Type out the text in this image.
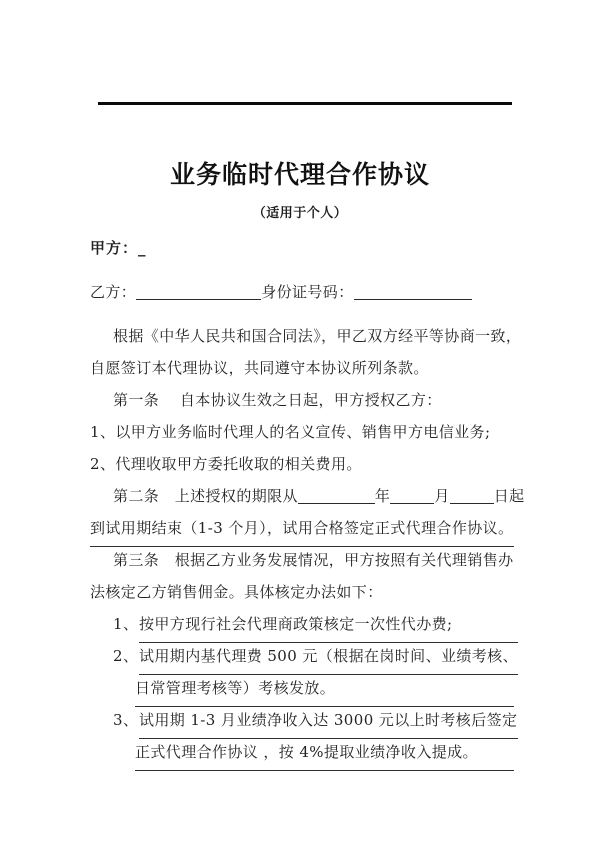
业务临时代理合作协议
（适用于个人）
甲方：_
乙方：	身份证号码：
根据《中华人民共和国合同法》，甲乙双方经平等协商一致，
自愿签订本代理协议，共同遵守本协议所列条款。
第一条 自本协议生效之日起，甲方授权乙方：
1、以甲方业务临时代理人的名义宣传、销售甲方电信业务;
2、代理收取甲方委托收取的相关费用。
第二条 上述授权的期限从	年	月	日起
到试用期结束（1-3 个月），试用合格签定正式代理合作协议。
第三条 根据乙方业务发展情况，甲方按照有关代理销售办
法核定乙方销售佣金。具体核定办法如下：
1、按甲方现行社会代理商政策核定一次性代办费;
2、试用期内基代理费 500 元（根据在岗时间、业绩考核、
日常管理考核等）考核发放。
3、试用期 1-3 月业绩净收入达 3000 元以上时考核后签定
正式代理合作协议 ，按 4%提取业绩净收入提成。
